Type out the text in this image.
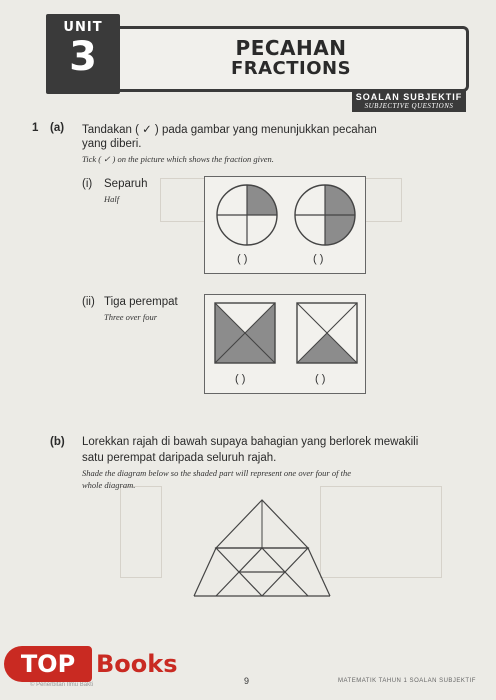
UNIT
3	PECAHAN
FRACTIONS
SOALAN SUBJEKTIF
SUBJECTIVE QUESTIONS
1 (a) Tandakan ( ✓ ) pada gambar yang menunjukkan pecahan
yang diberi.
Tick ( ✓ ) on the picture which shows the fraction given.
(i) Separuh
Half
( )	( )
(ii) Tiga perempat
Three over four
( )	( )
(b) Lorekkan rajah di bawah supaya bahagian yang berlorek mewakili
satu perempat daripada seluruh rajah.
Shade the diagram below so the shaded part will represent one over four of the
whole diagram.
© Penerbitan Ilmu Bakti	9	MATEMATIK TAHUN 1 SOALAN SUBJEKTIF
TOP Books
